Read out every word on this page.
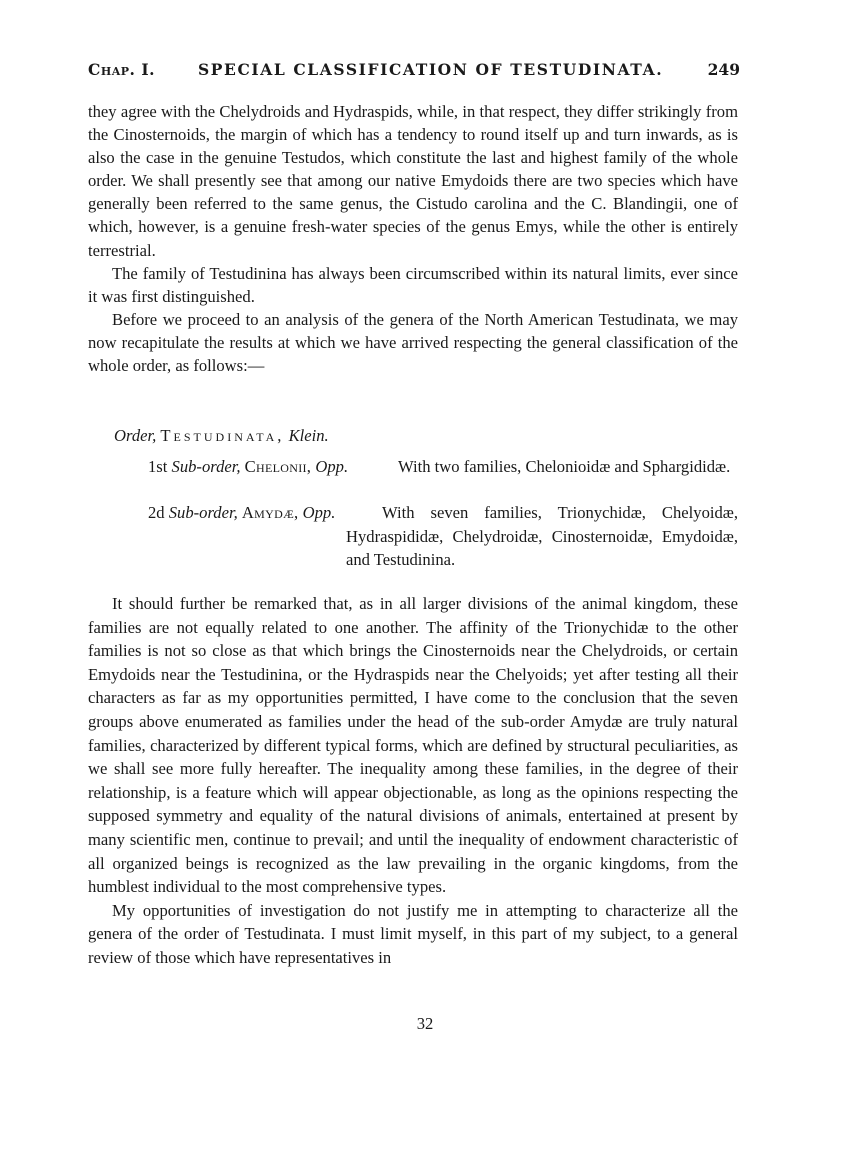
Chap. I.	SPECIAL CLASSIFICATION OF TESTUDINATA.	249

they agree with the Chelydroids and Hydraspids, while, in that respect, they differ strikingly from the Cinosternoids, the margin of which has a tendency to round itself up and turn inwards, as is also the case in the genuine Testudos, which constitute the last and highest family of the whole order. We shall presently see that among our native Emydoids there are two species which have generally been referred to the same genus, the Cistudo carolina and the C. Blandingii, one of which, however, is a genuine fresh-water species of the genus Emys, while the other is entirely terrestrial.

The family of Testudinina has always been circumscribed within its natural limits, ever since it was first distinguished.

Before we proceed to an analysis of the genera of the North American Testudinata, we may now recapitulate the results at which we have arrived respecting the general classification of the whole order, as follows:—

Order, Testudinata, Klein.
1st Sub-order, Chelonii, Opp.	With two families, Chelonioidæ and Sphargididæ.
2d Sub-order, Amydæ, Opp.	With seven families, Trionychidæ, Chelyoidæ, Hydraspididæ, Chelydroidæ, Cinosternoidæ, Emydoidæ, and Testudinina.

It should further be remarked that, as in all larger divisions of the animal kingdom, these families are not equally related to one another. The affinity of the Trionychidæ to the other families is not so close as that which brings the Cinosternoids near the Chelydroids, or certain Emydoids near the Testudinina, or the Hydraspids near the Chelyoids; yet after testing all their characters as far as my opportunities permitted, I have come to the conclusion that the seven groups above enumerated as families under the head of the sub-order Amydæ are truly natural families, characterized by different typical forms, which are defined by structural peculiarities, as we shall see more fully hereafter. The inequality among these families, in the degree of their relationship, is a feature which will appear objectionable, as long as the opinions respecting the supposed symmetry and equality of the natural divisions of animals, entertained at present by many scientific men, continue to prevail; and until the inequality of endowment characteristic of all organized beings is recognized as the law prevailing in the organic kingdoms, from the humblest individual to the most comprehensive types.

My opportunities of investigation do not justify me in attempting to characterize all the genera of the order of Testudinata. I must limit myself, in this part of my subject, to a general review of those which have representatives in

32
